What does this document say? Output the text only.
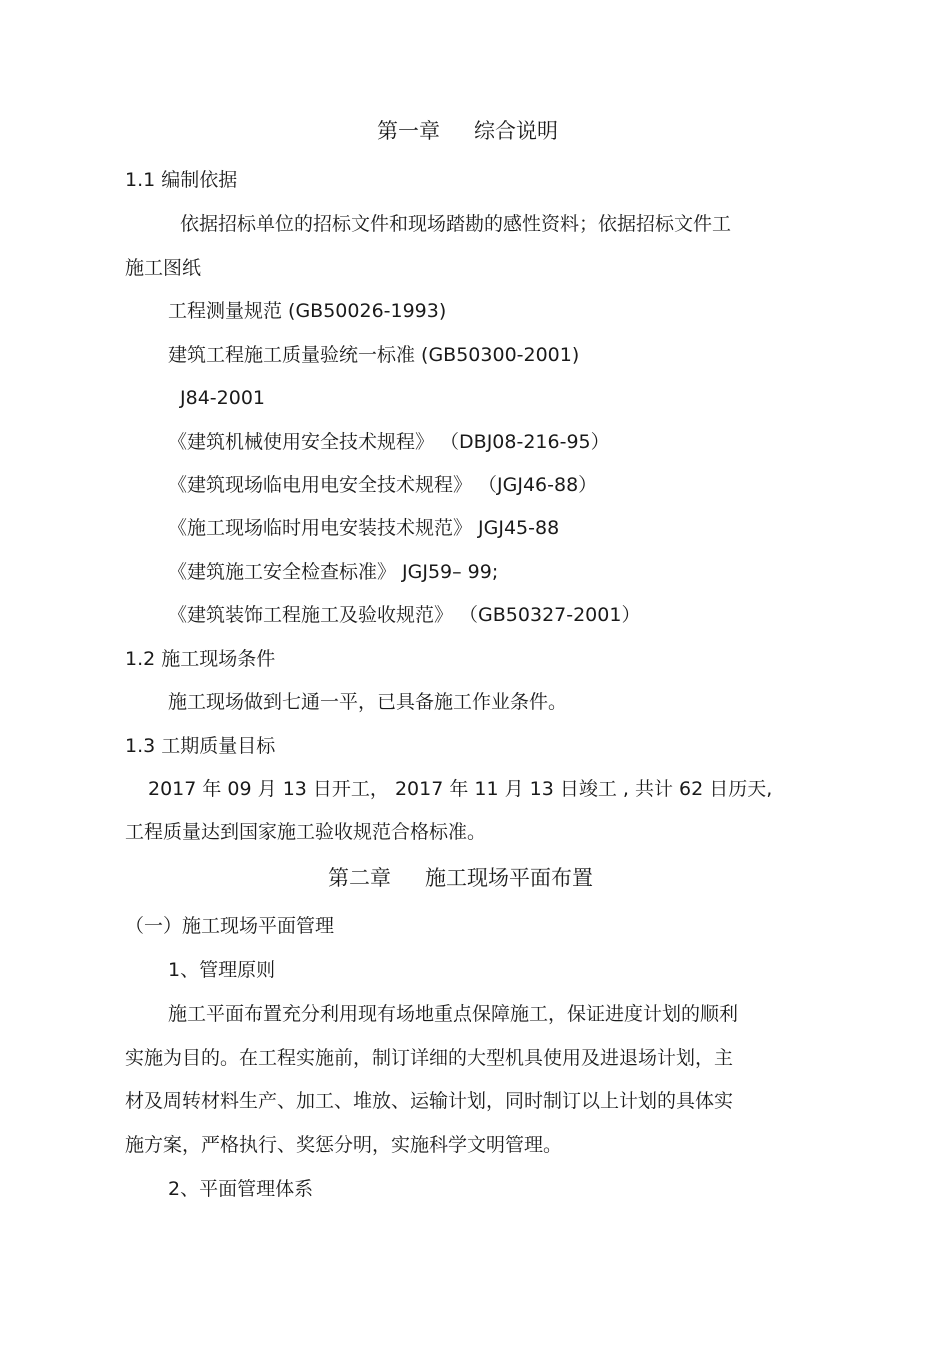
第一章 综合说明
1.1 编制依据
依据招标单位的招标文件和现场踏勘的感性资料；依据招标文件工
施工图纸
工程测量规范 (GB50026-1993)
建筑工程施工质量验统一标准 (GB50300-2001)
J84-2001
《建筑机械使用安全技术规程》 （DBJ08-216-95）
《建筑现场临电用电安全技术规程》 （JGJ46-88）
《施工现场临时用电安装技术规范》 JGJ45-88
《建筑施工安全检查标准》 JGJ59– 99;
《建筑装饰工程施工及验收规范》 （GB50327-2001）
1.2 施工现场条件
施工现场做到七通一平，已具备施工作业条件。
1.3 工期质量目标
2017 年 09 月 13 日开工， 2017 年 11 月 13 日竣工 , 共计 62 日历天,
工程质量达到国家施工验收规范合格标准。
第二章 施工现场平面布置
（一）施工现场平面管理
1、管理原则
施工平面布置充分利用现有场地重点保障施工，保证进度计划的顺利
实施为目的。在工程实施前，制订详细的大型机具使用及进退场计划，主
材及周转材料生产、加工、堆放、运输计划，同时制订以上计划的具体实
施方案，严格执行、奖惩分明，实施科学文明管理。
2、平面管理体系
